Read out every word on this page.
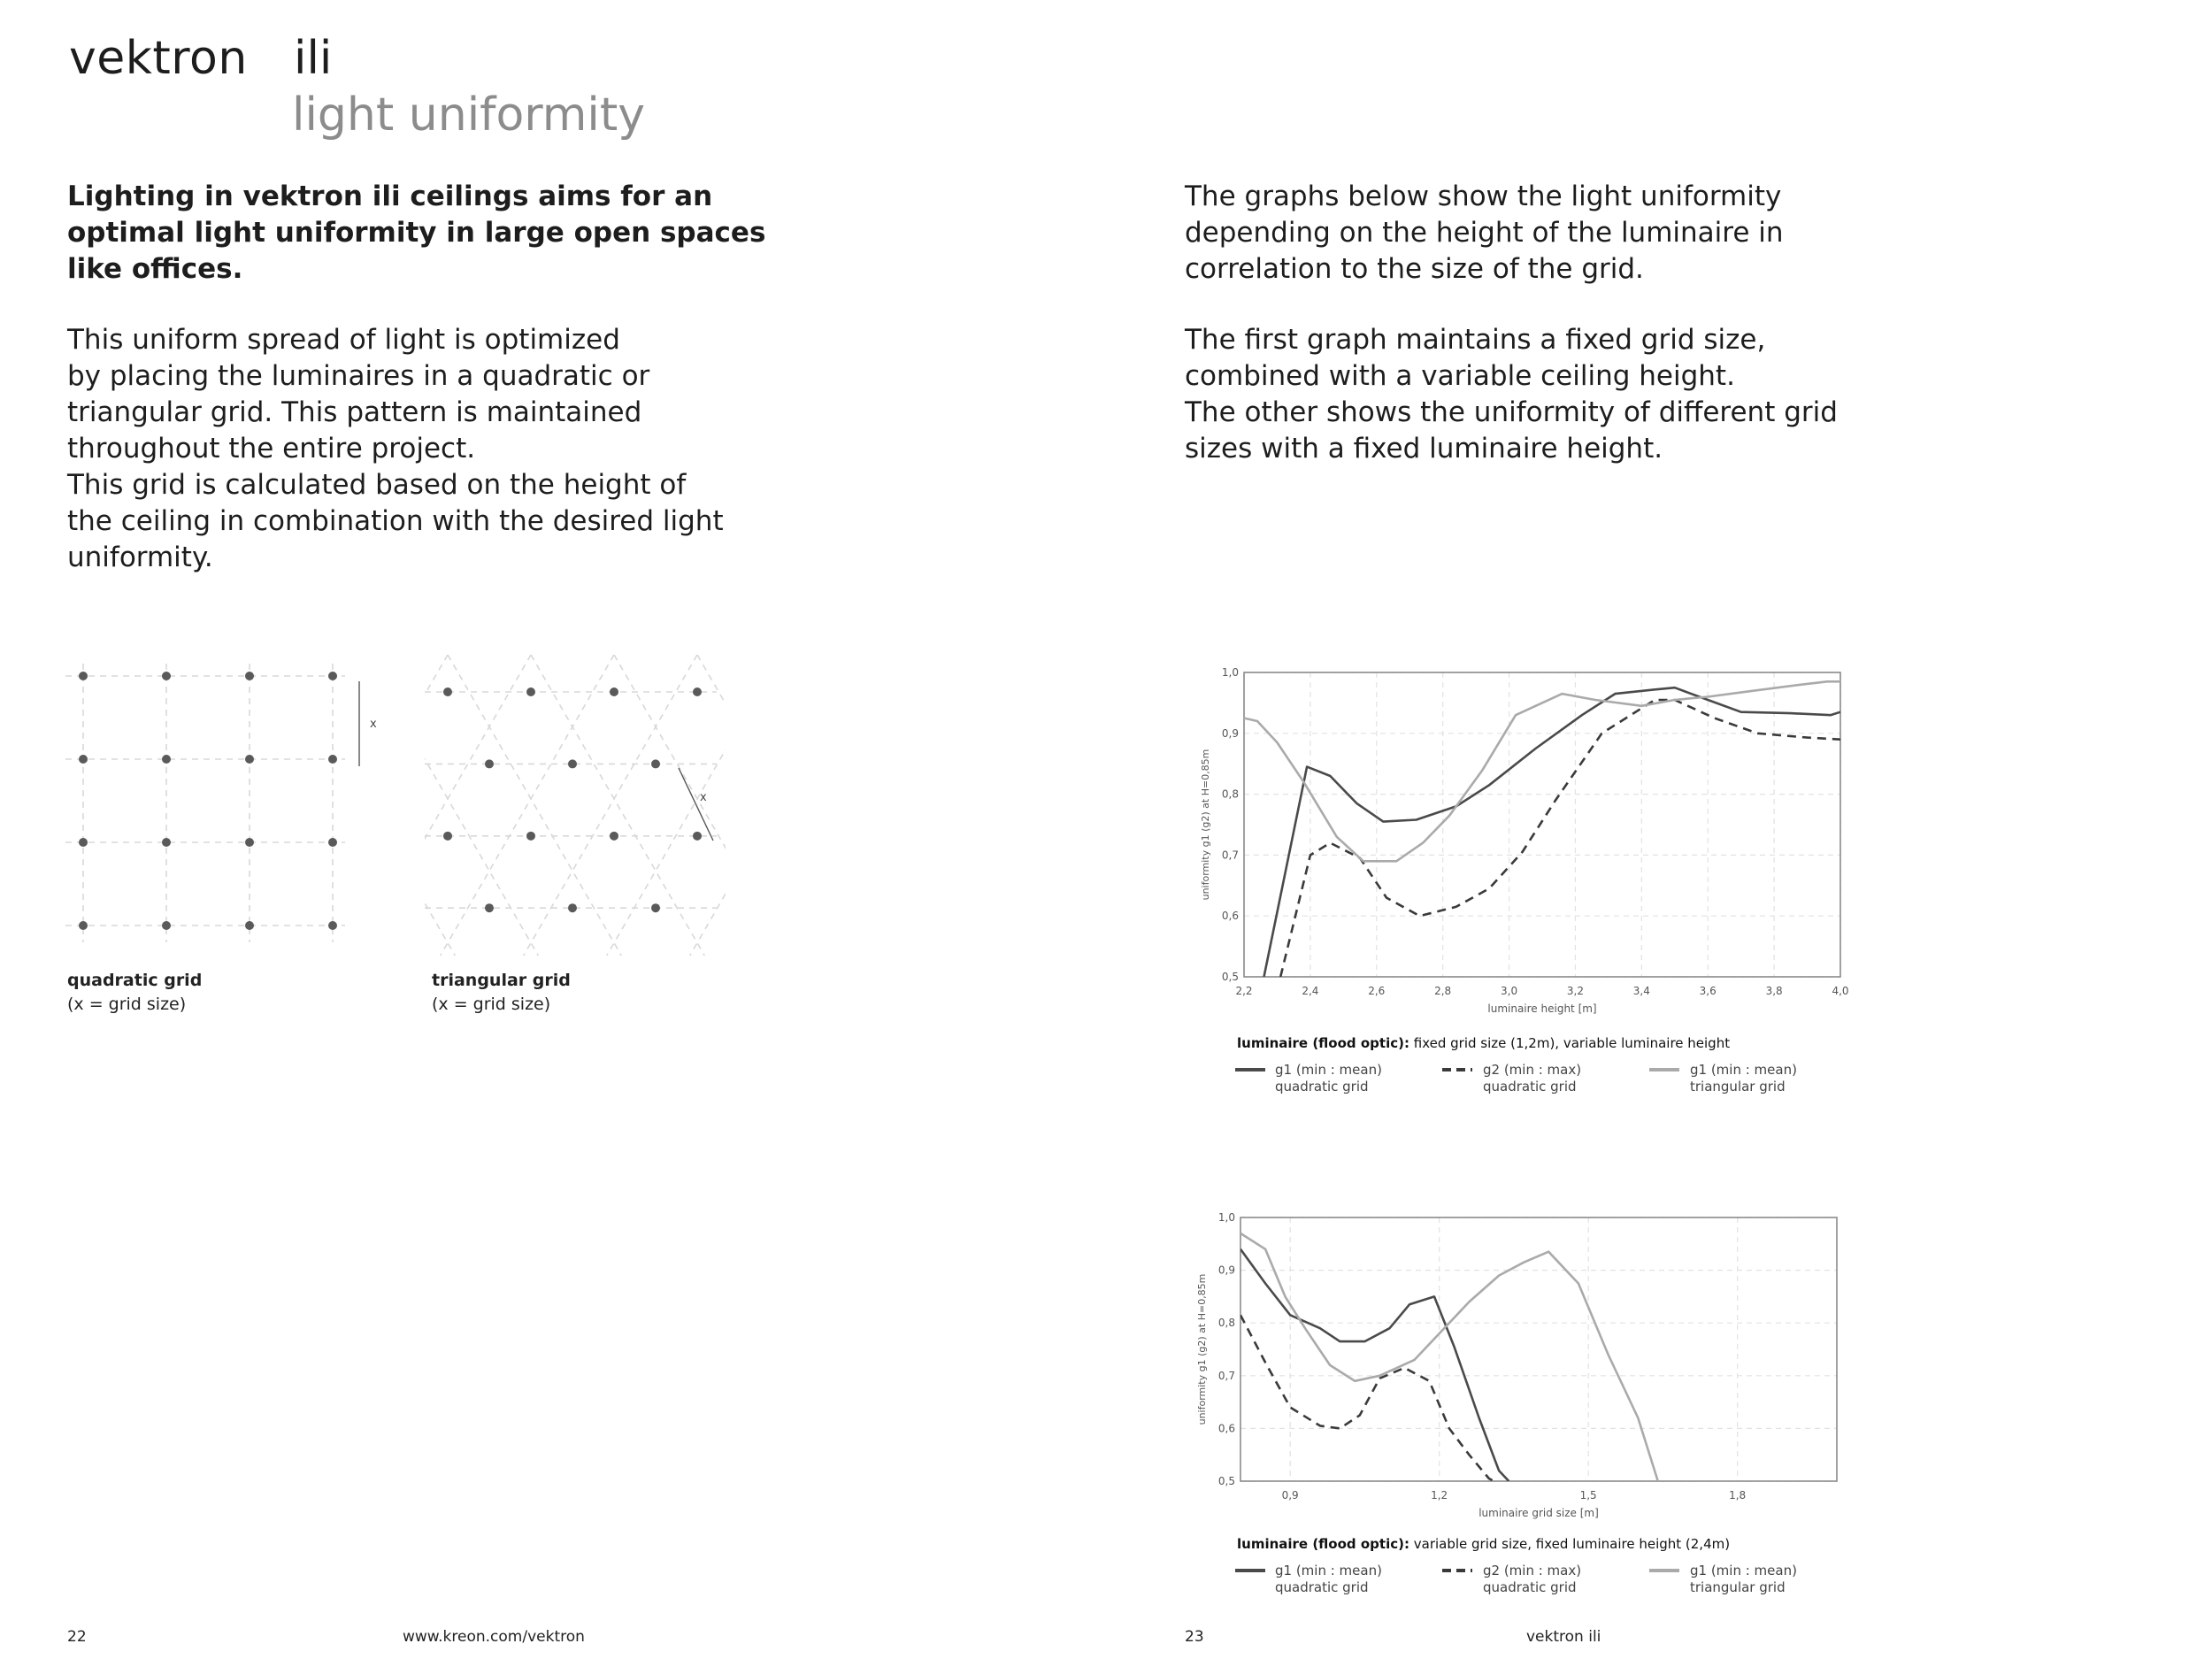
vektron ili
light uniformity

Lighting in vektron ili ceilings aims for an

optimal light uniformity in large open spaces

like offices.

This uniform spread of light is optimized

by placing the luminaires in a quadratic or

triangular grid. This pattern is maintained

throughout the entire project.

This grid is calculated based on the height of

the ceiling in combination with the desired light

uniformity.

The graphs below show the light uniformity

depending on the height of the luminaire in

correlation to the size of the grid.

The first graph maintains a fixed grid size,

combined with a variable ceiling height.

The other shows the uniformity of different grid

sizes with a fixed luminaire height.

x
quadratic grid
(x = grid size)
x
triangular grid
(x = grid size)
2,2	2,4	2,6	2,8	3,0	3,2	3,4	3,6	3,8	4,0
0,5
0,6
0,7
0,8
0,9
1,0
luminaire height [m]
uniformity g1 (g2) at H=0,85m
luminaire (flood optic): fixed grid size (1,2m), variable luminaire height
g1 (min : mean)
quadratic grid
g2 (min : max)
quadratic grid
g1 (min : mean)
triangular grid
0,9	1,2	1,5	1,8
0,5
0,6
0,7
0,8
0,9
1,0
luminaire grid size [m]
uniformity g1 (g2) at H=0,85m
luminaire (flood optic): variable grid size, fixed luminaire height (2,4m)
g1 (min : mean)
quadratic grid
g2 (min : max)
quadratic grid
g1 (min : mean)
triangular grid
22	www.kreon.com/vektron	23	vektron ili
